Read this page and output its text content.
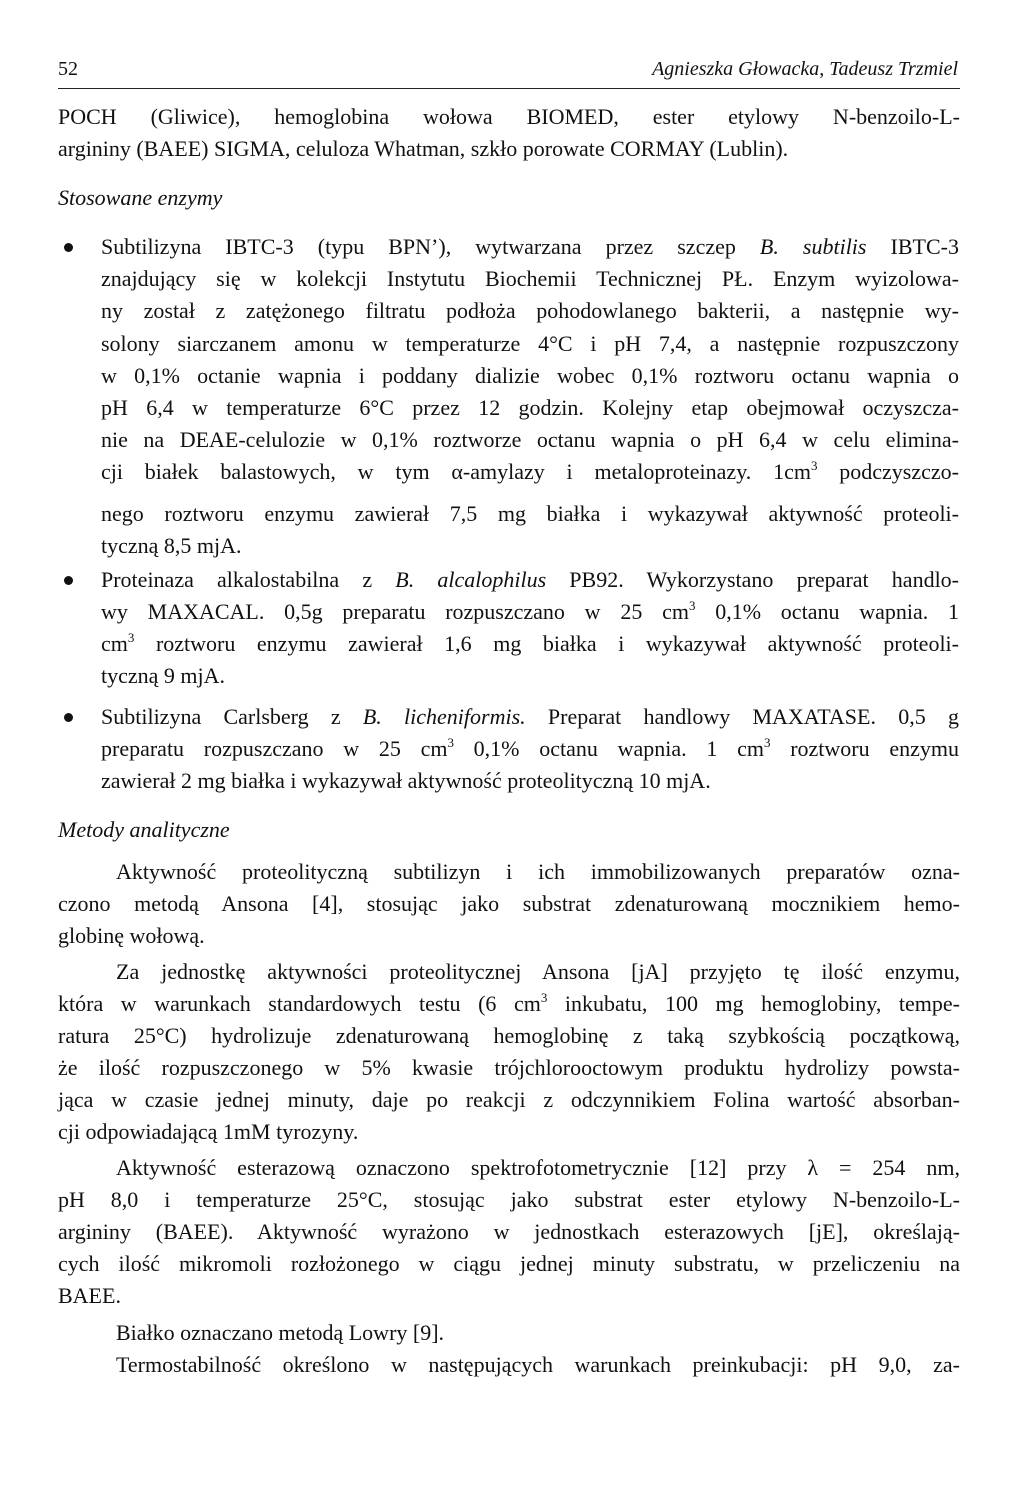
52	Agnieszka Głowacka, Tadeusz Trzmiel
POCH (Gliwice), hemoglobina wołowa BIOMED, ester etylowy N-benzoilo-L-
argininy (BAEE) SIGMA, celuloza Whatman, szkło porowate CORMAY (Lublin).
Stosowane enzymy
Subtilizyna IBTC-3 (typu BPN’), wytwarzana przez szczep B. subtilis IBTC-3
znajdujący się w kolekcji Instytutu Biochemii Technicznej PŁ. Enzym wyizolowa-
ny został z zatężonego filtratu podłoża pohodowlanego bakterii, a następnie wy-
solony siarczanem amonu w temperaturze 4°C i pH 7,4, a następnie rozpuszczony
w 0,1% octanie wapnia i poddany dializie wobec 0,1% roztworu octanu wapnia o
pH 6,4 w temperaturze 6°C przez 12 godzin. Kolejny etap obejmował oczyszcza-
nie na DEAE-celulozie w 0,1% roztworze octanu wapnia o pH 6,4 w celu elimina-
cji białek balastowych, w tym α-amylazy i metaloproteinazy. $1cm^3$ podczyszczo-
nego roztworu enzymu zawierał 7,5 mg białka i wykazywał aktywność proteoli-
tyczną 8,5 mjA.
Proteinaza alkalostabilna z B. alcalophilus PB92. Wykorzystano preparat handlo-
wy MAXACAL. 0,5g preparatu rozpuszczano w 25 $cm^3$ 0,1% octanu wapnia. 1
$cm^3$ roztworu enzymu zawierał 1,6 mg białka i wykazywał aktywność proteoli-
tyczną 9 mjA.
Subtilizyna Carlsberg z B. licheniformis. Preparat handlowy MAXATASE. 0,5 g
preparatu rozpuszczano w 25 $cm^3$ 0,1% octanu wapnia. 1 $cm^3$ roztworu enzymu
zawierał 2 mg białka i wykazywał aktywność proteolityczną 10 mjA.
Metody analityczne
Aktywność proteolityczną subtilizyn i ich immobilizowanych preparatów ozna-
czono metodą Ansona [4], stosując jako substrat zdenaturowaną mocznikiem hemo-
globinę wołową.
Za jednostkę aktywności proteolitycznej Ansona [jA] przyjęto tę ilość enzymu,
która w warunkach standardowych testu (6 $cm^3$ inkubatu, 100 mg hemoglobiny, tempe-
ratura 25°C) hydrolizuje zdenaturowaną hemoglobinę z taką szybkością początkową,
że ilość rozpuszczonego w 5% kwasie trójchlorooctowym produktu hydrolizy powsta-
jąca w czasie jednej minuty, daje po reakcji z odczynnikiem Folina wartość absorban-
cji odpowiadającą 1mM tyrozyny.
Aktywność esterazową oznaczono spektrofotometrycznie [12] przy λ = 254 nm,
pH 8,0 i temperaturze 25°C, stosując jako substrat ester etylowy N-benzoilo-L-
argininy (BAEE). Aktywność wyrażono w jednostkach esterazowych [jE], określają-
cych ilość mikromoli rozłożonego w ciągu jednej minuty substratu, w przeliczeniu na
BAEE.
Białko oznaczano metodą Lowry [9].
Termostabilność określono w następujących warunkach preinkubacji: pH 9,0, za-
